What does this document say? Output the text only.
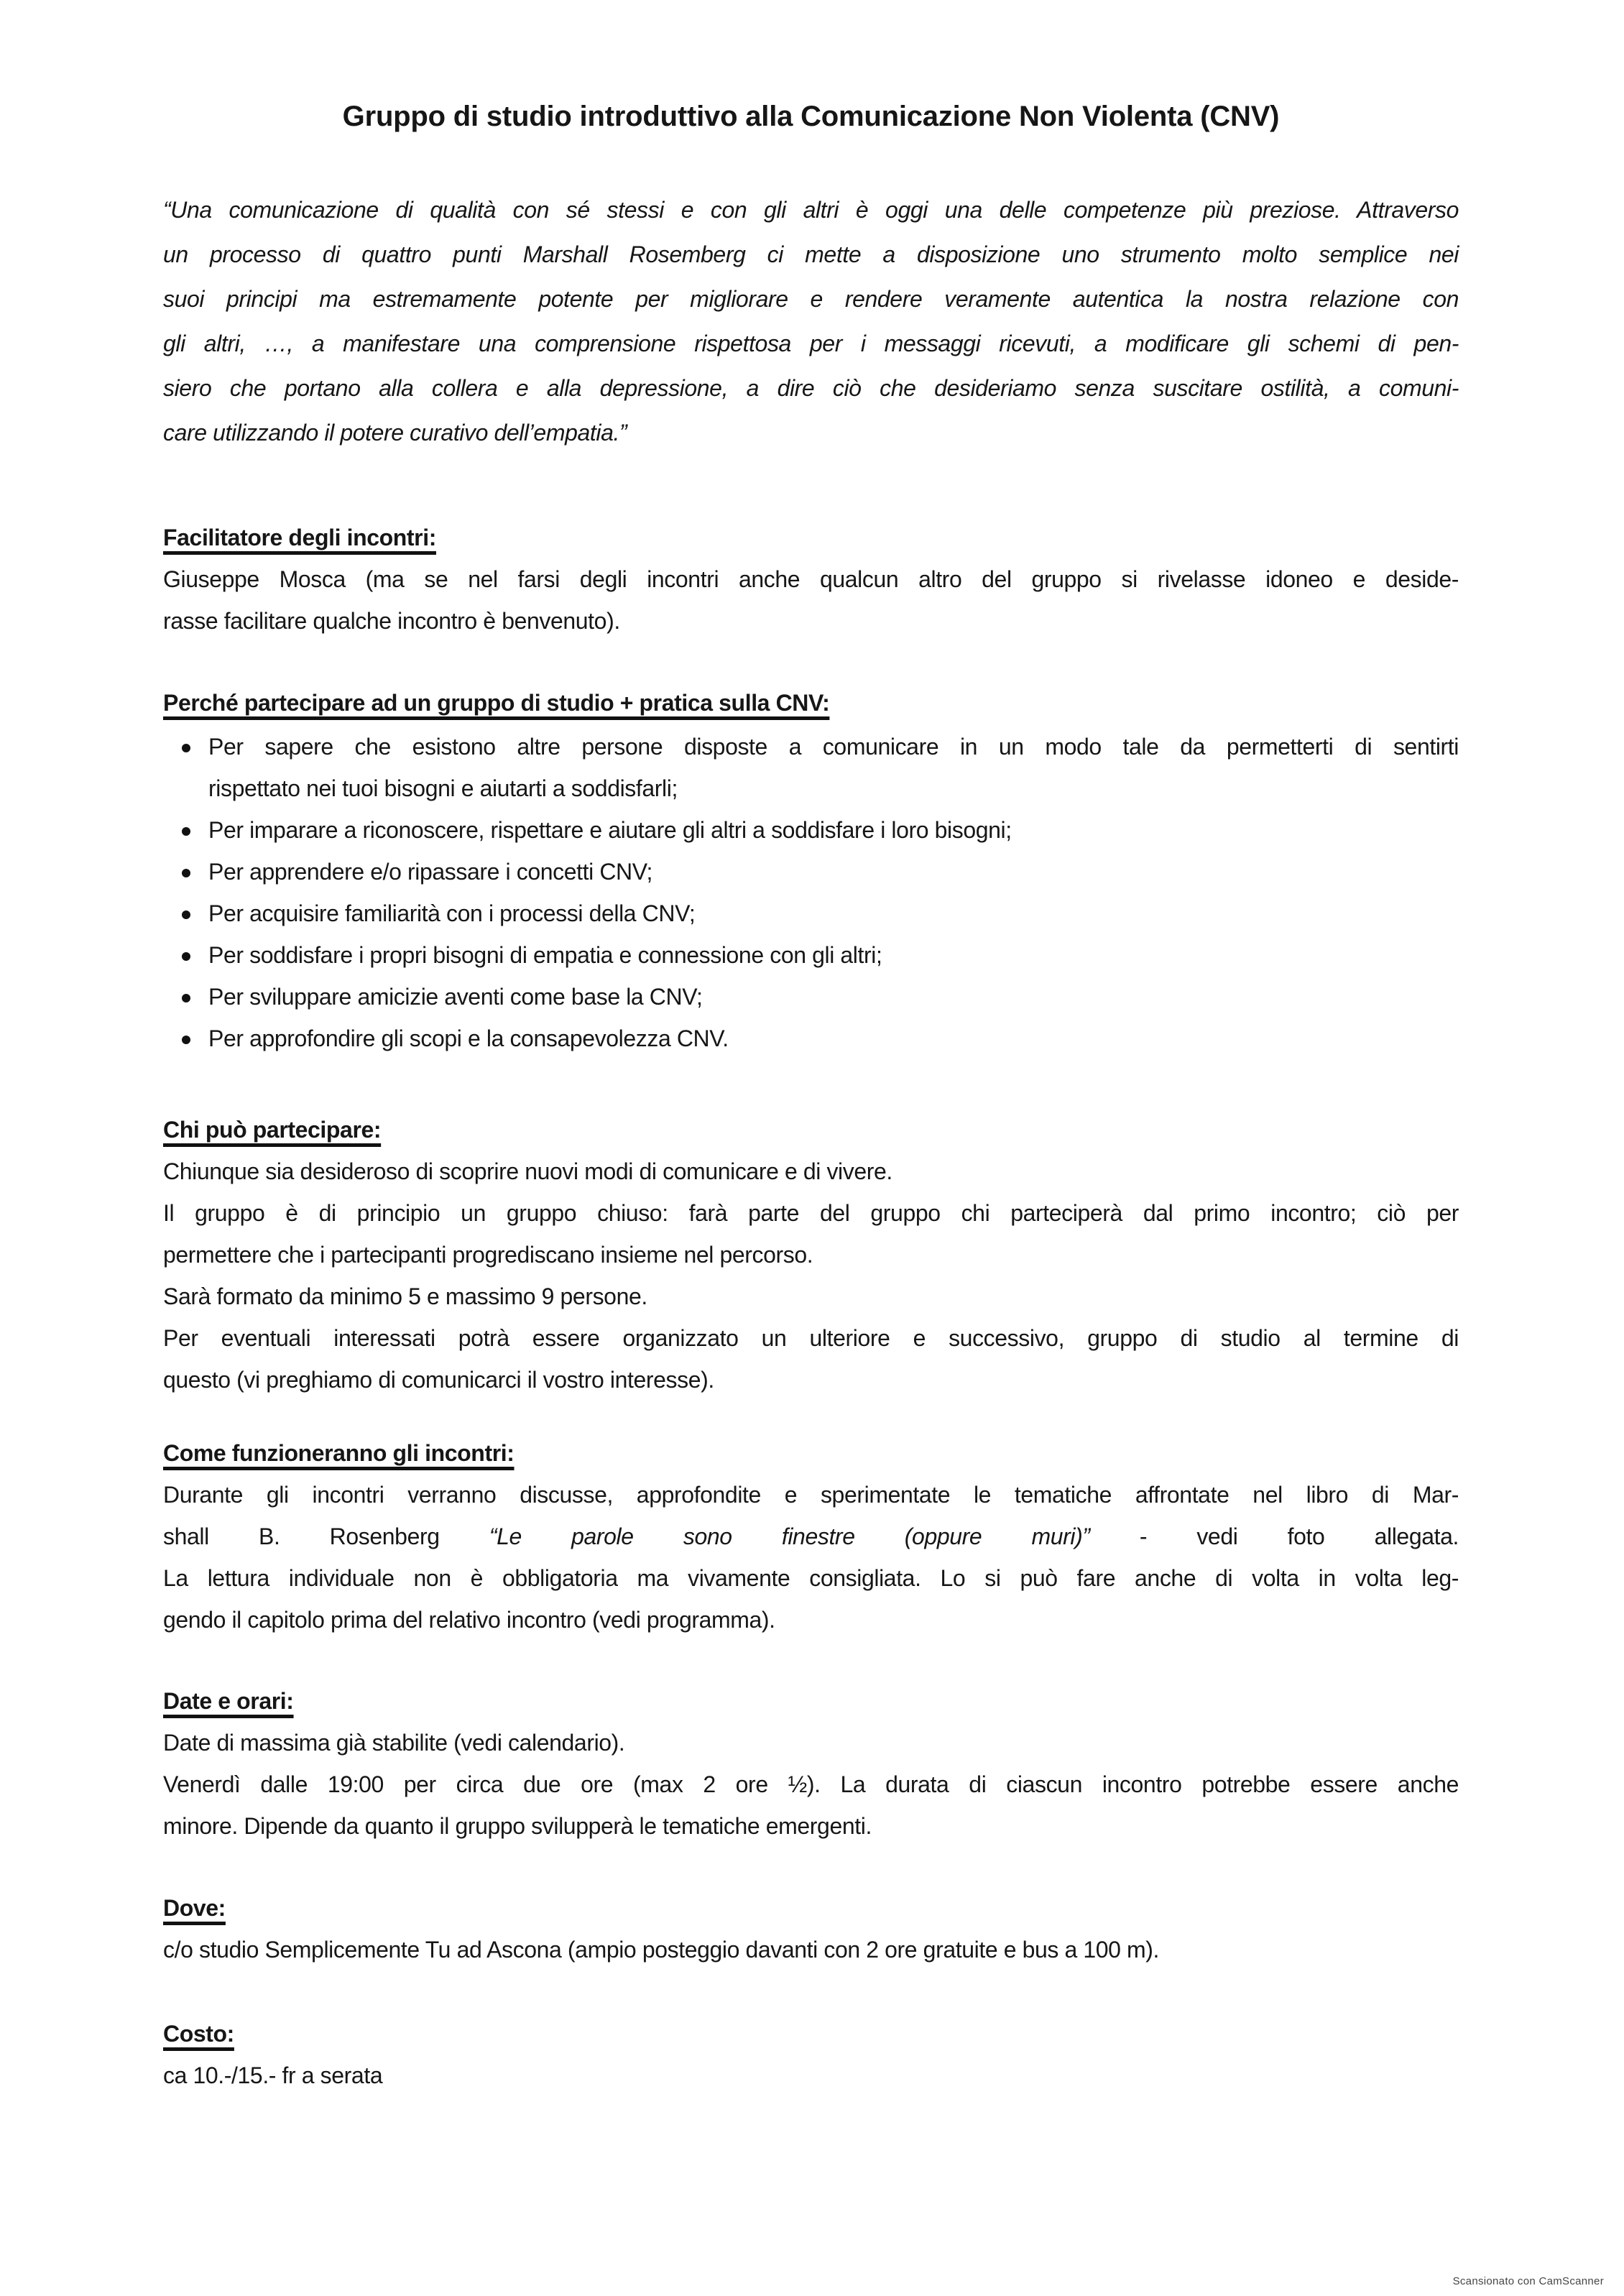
Gruppo di studio introduttivo alla Comunicazione Non Violenta (CNV)

“Una comunicazione di qualità con sé stessi e con gli altri è oggi una delle competenze più preziose. Attraverso

un processo di quattro punti Marshall Rosemberg ci mette a disposizione uno strumento molto semplice nei

suoi principi ma estremamente potente per migliorare e rendere veramente autentica la nostra relazione con

gli altri, …, a manifestare una comprensione rispettosa per i messaggi ricevuti, a modificare gli schemi di pen-

siero che portano alla collera e alla depressione, a dire ciò che desideriamo senza suscitare ostilità, a comuni-

care utilizzando il potere curativo dell’empatia.”

Facilitatore degli incontri:

Giuseppe Mosca (ma se nel farsi degli incontri anche qualcun altro del gruppo si rivelasse idoneo e deside-

rasse facilitare qualche incontro è benvenuto).

Perché partecipare ad un gruppo di studio + pratica sulla CNV:

Per sapere che esistono altre persone disposte a comunicare in un modo tale da permetterti di sentirti

rispettato nei tuoi bisogni e aiutarti a soddisfarli;

Per imparare a riconoscere, rispettare e aiutare gli altri a soddisfare i loro bisogni;

Per apprendere e/o ripassare i concetti CNV;

Per acquisire familiarità con i processi della CNV;

Per soddisfare i propri bisogni di empatia e connessione con gli altri;

Per sviluppare amicizie aventi come base la CNV;

Per approfondire gli scopi e la consapevolezza CNV.

Chi può partecipare:

Chiunque sia desideroso di scoprire nuovi modi di comunicare e di vivere.

Il gruppo è di principio un gruppo chiuso: farà parte del gruppo chi parteciperà dal primo incontro; ciò per

permettere che i partecipanti progrediscano insieme nel percorso.

Sarà formato da minimo 5 e massimo 9 persone.

Per eventuali interessati potrà essere organizzato un ulteriore e successivo, gruppo di studio al termine di

questo (vi preghiamo di comunicarci il vostro interesse).

Come funzioneranno gli incontri:

Durante gli incontri verranno discusse, approfondite e sperimentate le tematiche affrontate nel libro di Mar-

shall B. Rosenberg “Le parole sono finestre (oppure muri)” - vedi foto allegata.

La lettura individuale non è obbligatoria ma vivamente consigliata. Lo si può fare anche di volta in volta leg-

gendo il capitolo prima del relativo incontro (vedi programma).

Date e orari:

Date di massima già stabilite (vedi calendario).

Venerdì dalle 19:00 per circa due ore (max 2 ore ½). La durata di ciascun incontro potrebbe essere anche

minore. Dipende da quanto il gruppo svilupperà le tematiche emergenti.

Dove:

c/o studio Semplicemente Tu ad Ascona (ampio posteggio davanti con 2 ore gratuite e bus a 100 m).

Costo:

ca 10.-/15.- fr a serata

Scansionato con CamScanner
